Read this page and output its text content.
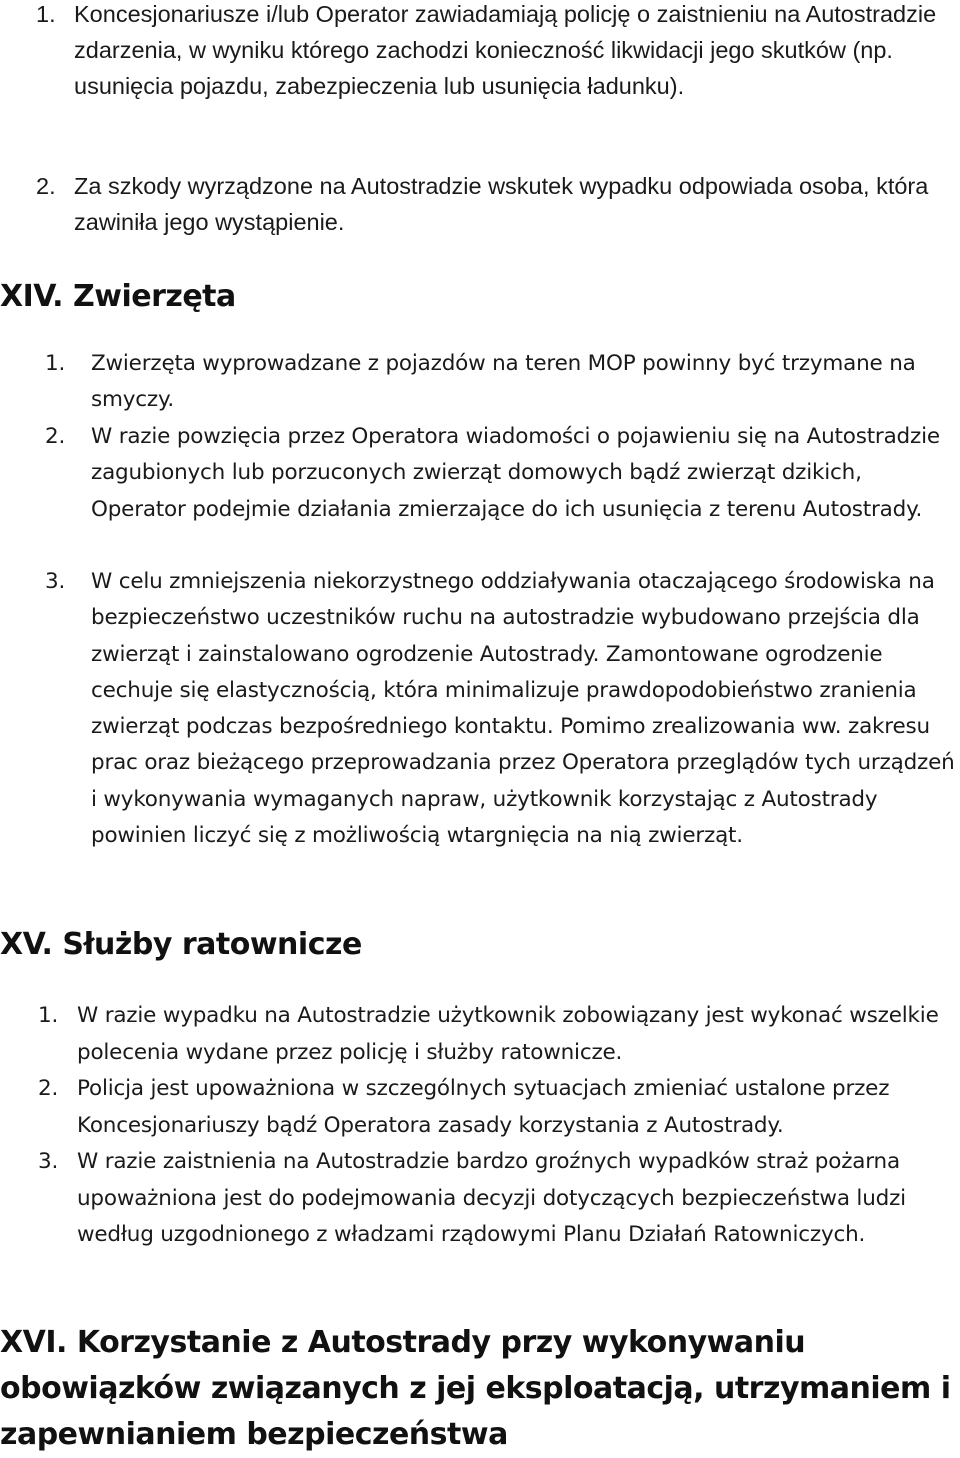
1. Koncesjonariusze i/lub Operator zawiadamiają policję o zaistnieniu na Autostradzie zdarzenia, w wyniku którego zachodzi konieczność likwidacji jego skutków (np. usunięcia pojazdu, zabezpieczenia lub usunięcia ładunku).
2. Za szkody wyrządzone na Autostradzie wskutek wypadku odpowiada osoba, która zawiniła jego wystąpienie.
XIV. Zwierzęta
1.	Zwierzęta wyprowadzane z pojazdów na teren MOP powinny być trzymane na smyczy.
2.	W razie powzięcia przez Operatora wiadomości o pojawieniu się na Autostradzie zagubionych lub porzuconych zwierząt domowych bądź zwierząt dzikich, Operator podejmie działania zmierzające do ich usunięcia z terenu Autostrady.
3.	W celu zmniejszenia niekorzystnego oddziaływania otaczającego środowiska na bezpieczeństwo uczestników ruchu na autostradzie wybudowano przejścia dla zwierząt i zainstalowano ogrodzenie Autostrady. Zamontowane ogrodzenie cechuje się elastycznością, która minimalizuje prawdopodobieństwo zranienia zwierząt podczas bezpośredniego kontaktu. Pomimo zrealizowania ww. zakresu prac oraz bieżącego przeprowadzania przez Operatora przeglądów tych urządzeń i wykonywania wymaganych napraw, użytkownik korzystając z Autostrady powinien liczyć się z możliwością wtargnięcia na nią zwierząt.
XV. Służby ratownicze
1. W razie wypadku na Autostradzie użytkownik zobowiązany jest wykonać wszelkie polecenia wydane przez policję i służby ratownicze.
2. Policja jest upoważniona w szczególnych sytuacjach zmieniać ustalone przez Koncesjonariuszy bądź Operatora zasady korzystania z Autostrady.
3. W razie zaistnienia na Autostradzie bardzo groźnych wypadków straż pożarna upoważniona jest do podejmowania decyzji dotyczących bezpieczeństwa ludzi według uzgodnionego z władzami rządowymi Planu Działań Ratowniczych.
XVI. Korzystanie z Autostrady przy wykonywaniu obowiązków związanych z jej eksploatacją, utrzymaniem i zapewnianiem bezpieczeństwa
